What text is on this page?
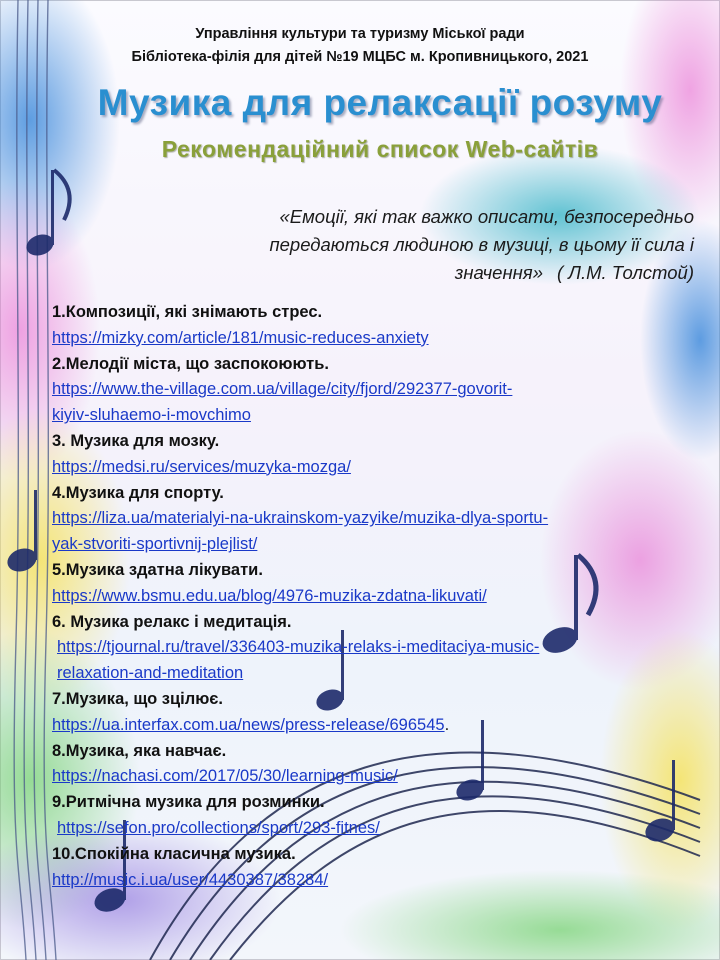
Управління культури та туризму Міської ради
Бібліотека-філія для дітей №19 МЦБС м. Кропивницького, 2021
Музика для релаксації розуму
Рекомендаційний список Web-сайтів
«Емоції, які так важко описати, безпосередньо
передаються людиною в музиці, в цьому її сила і
значення» ( Л.М. Толстой)
1.Композиції, які знімають стрес.
https://mizky.com/article/181/music-reduces-anxiety
2.Мелодії міста, що заспокоюють.
https://www.the-village.com.ua/village/city/fjord/292377-govorit-
kiyiv-sluhaemo-i-movchimo
3. Музика для мозку.
https://medsi.ru/services/muzyka-mozga/
4.Музика для спорту.
https://liza.ua/materialyi-na-ukrainskom-yazyike/muzika-dlya-sportu-
yak-stvoriti-sportivnij-plejlist/
5.Музика здатна лікувати.
https://www.bsmu.edu.ua/blog/4976-muzika-zdatna-likuvati/
6. Музика релакс і медитація.
https://tjournal.ru/travel/336403-muzika-relaks-i-meditaciya-music-
relaxation-and-meditation
7.Музика, що зцілює.
https://ua.interfax.com.ua/news/press-release/696545.
8.Музика, яка навчає.
https://nachasi.com/2017/05/30/learning-music/
9.Ритмічна музика для розминки.
https://sefon.pro/collections/sport/293-fitnes/
10.Спокійна класична музика.
http://music.i.ua/user/4430387/38284/
